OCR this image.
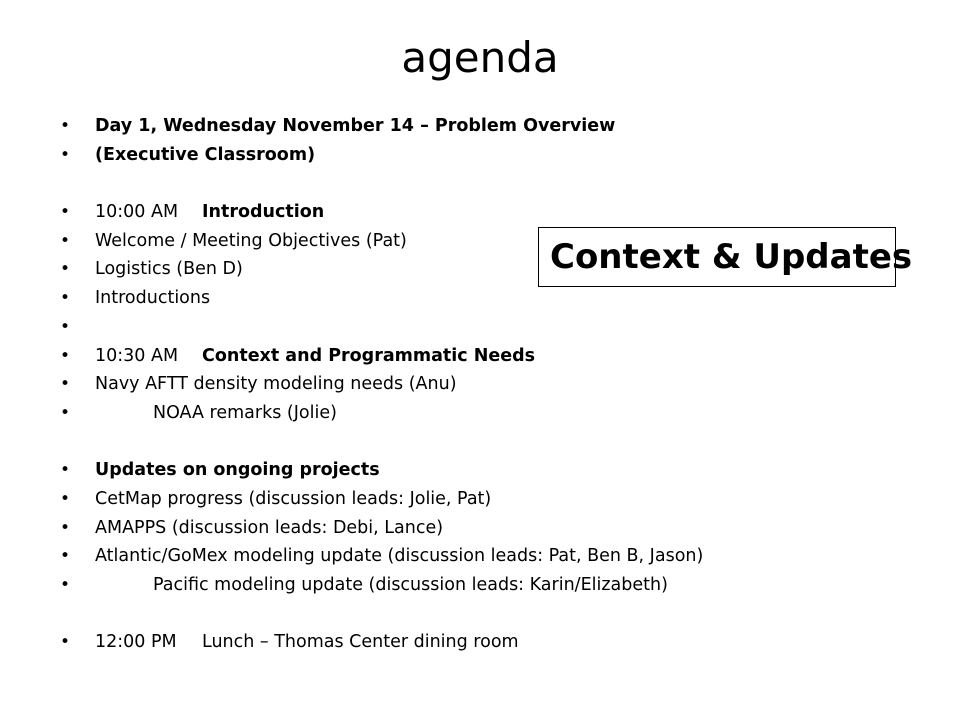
agenda
•	Day 1, Wednesday November 14 – Problem Overview
•	(Executive Classroom)
•	10:00 AM Introduction
•	Welcome / Meeting Objectives (Pat)
•	Logistics (Ben D)
•	Introductions
•
•	10:30 AM Context and Programmatic Needs
•	Navy AFTT density modeling needs (Anu)
•	NOAA remarks (Jolie)
•	Updates on ongoing projects
•	CetMap progress (discussion leads: Jolie, Pat)
•	AMAPPS (discussion leads: Debi, Lance)
•	Atlantic/GoMex modeling update (discussion leads: Pat, Ben B, Jason)
•	Pacific modeling update (discussion leads: Karin/Elizabeth)
•	12:00 PM Lunch – Thomas Center dining room
Context & Updates
